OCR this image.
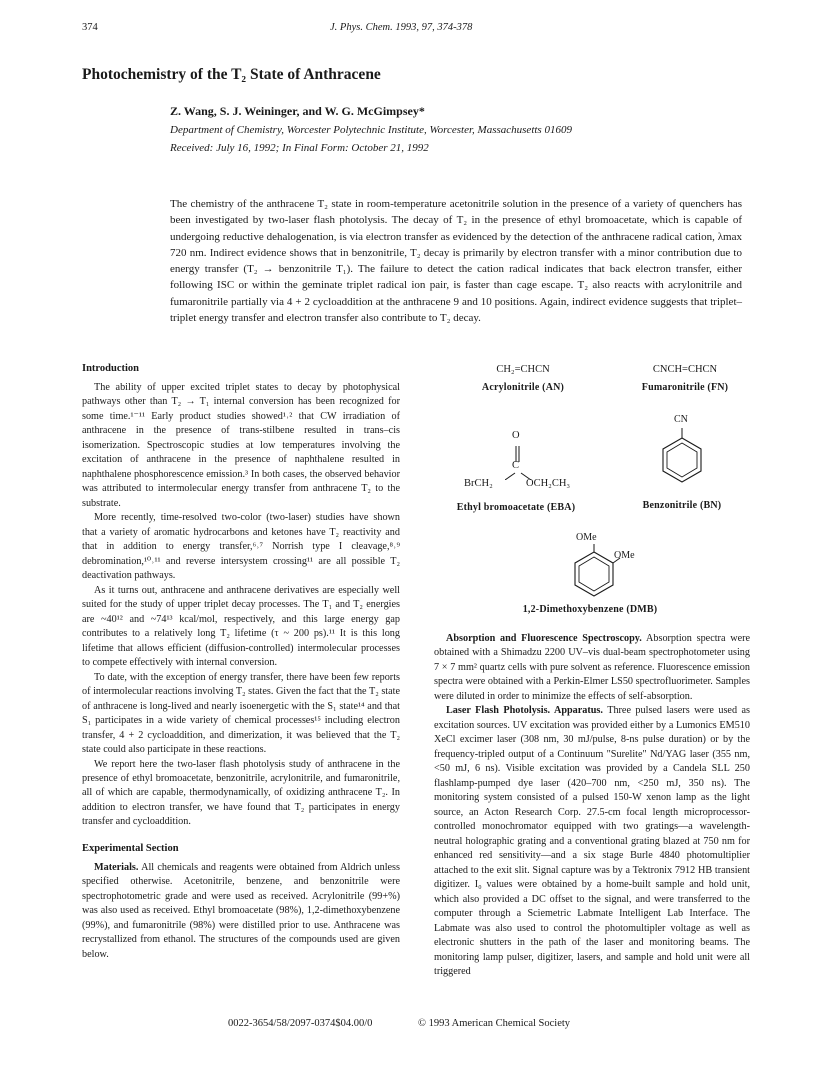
374	J. Phys. Chem. 1993, 97, 374-378
Photochemistry of the T₂ State of Anthracene
Z. Wang, S. J. Weininger, and W. G. McGimpsey*
Department of Chemistry, Worcester Polytechnic Institute, Worcester, Massachusetts 01609
Received: July 16, 1992; In Final Form: October 21, 1992

The chemistry of the anthracene T₂ state in room-temperature acetonitrile solution in the presence of a variety of quenchers has been investigated by two-laser flash photolysis. The decay of T₂ in the presence of ethyl bromoacetate, which is capable of undergoing reductive dehalogenation, is via electron transfer as evidenced by the detection of the anthracene radical cation, λmax 720 nm. Indirect evidence shows that in benzonitrile, T₂ decay is primarily by electron transfer with a minor contribution due to energy transfer (T₂ → benzonitrile T₁). The failure to detect the cation radical indicates that back electron transfer, either following ISC or within the geminate triplet radical ion pair, is faster than cage escape. T₂ also reacts with acrylonitrile and fumaronitrile partially via 4 + 2 cycloaddition at the anthracene 9 and 10 positions. Again, indirect evidence suggests that triplet–triplet energy transfer and electron transfer also contribute to T₂ decay.

Introduction

The ability of upper excited triplet states to decay by photophysical pathways other than T₂ → T₁ internal conversion has been recognized for some time.¹⁻¹¹ Early product studies showed¹˒² that CW irradiation of anthracene in the presence of trans-stilbene resulted in trans–cis isomerization. Spectroscopic studies at low temperatures involving the excitation of anthracene in the presence of naphthalene resulted in naphthalene phosphorescence emission.³ In both cases, the observed behavior was attributed to intermolecular energy transfer from anthracene T₂ to the substrate.

More recently, time-resolved two-color (two-laser) studies have shown that a variety of aromatic hydrocarbons and ketones have T₂ reactivity and that in addition to energy transfer,⁶˒⁷ Norrish type I cleavage,⁸˒⁹ debromination,¹⁰˒¹¹ and reverse intersystem crossing¹¹ are all possible T₂ deactivation pathways.

As it turns out, anthracene and anthracene derivatives are especially well suited for the study of upper triplet decay processes. The T₁ and T₂ energies are ~40¹² and ~74¹³ kcal/mol, respectively, and this large energy gap contributes to a relatively long T₂ lifetime (τ ~ 200 ps).¹¹ It is this long lifetime that allows efficient (diffusion-controlled) intermolecular processes to compete effectively with internal conversion.

To date, with the exception of energy transfer, there have been few reports of intermolecular reactions involving T₂ states. Given the fact that the T₂ state of anthracene is long-lived and nearly isoenergetic with the S₁ state¹⁴ and that S₁ participates in a wide variety of chemical processes¹⁵ including electron transfer, 4 + 2 cycloaddition, and dimerization, it was believed that the T₂ state could also participate in these reactions.

We report here the two-laser flash photolysis study of anthracene in the presence of ethyl bromoacetate, benzonitrile, acrylonitrile, and fumaronitrile, all of which are capable, thermodynamically, of oxidizing anthracene T₂. In addition to electron transfer, we have found that T₂ participates in energy transfer and cycloaddition.

Experimental Section

Materials. All chemicals and reagents were obtained from Aldrich unless specified otherwise. Acetonitrile, benzene, and benzonitrile were spectrophotometric grade and were used as received. Acrylonitrile (99+%) was also used as received. Ethyl bromoacetate (98%), 1,2-dimethoxybenzene (99%), and fumaronitrile (98%) were distilled prior to use. Anthracene was recrystallized from ethanol. The structures of the compounds used are given below.

CH₂=CHCN
Acrylonitrile (AN)
CNCH=CHCN
Fumaronitrile (FN)
O
C
BrCH₂	OCH₂CH₃
Ethyl bromoacetate (EBA)
CN
Benzonitrile (BN)
OMe
OMe
1,2-Dimethoxybenzene (DMB)

Absorption and Fluorescence Spectroscopy. Absorption spectra were obtained with a Shimadzu 2200 UV–vis dual-beam spectrophotometer using 7 × 7 mm² quartz cells with pure solvent as reference. Fluorescence emission spectra were obtained with a Perkin-Elmer LS50 spectrofluorimeter. Samples were diluted in order to minimize the effects of self-absorption.

Laser Flash Photolysis. Apparatus. Three pulsed lasers were used as excitation sources. UV excitation was provided either by a Lumonics EM510 XeCl excimer laser (308 nm, 30 mJ/pulse, 8-ns pulse duration) or by the frequency-tripled output of a Continuum "Surelite" Nd/YAG laser (355 nm, <50 mJ, 6 ns). Visible excitation was provided by a Candela SLL 250 flashlamp-pumped dye laser (420–700 nm, <250 mJ, 350 ns). The monitoring system consisted of a pulsed 150-W xenon lamp as the light source, an Acton Research Corp. 27.5-cm focal length microprocessor-controlled monochromator equipped with two gratings—a wavelength-neutral holographic grating and a conventional grating blazed at 750 nm for enhanced red sensitivity—and a six stage Burle 4840 photomultiplier attached to the exit slit. Signal capture was by a Tektronix 7912 HB transient digitizer. I₀ values were obtained by a home-built sample and hold unit, which also provided a DC offset to the signal, and were transferred to the computer through a Sciemetric Labmate Intelligent Lab Interface. The Labmate was also used to control the photomultipler voltage as well as electronic shutters in the path of the laser and monitoring beams. The monitoring lamp pulser, digitizer, lasers, and sample and hold unit were all triggered

0022-3654/58/2097-0374$04.00/0	© 1993 American Chemical Society
